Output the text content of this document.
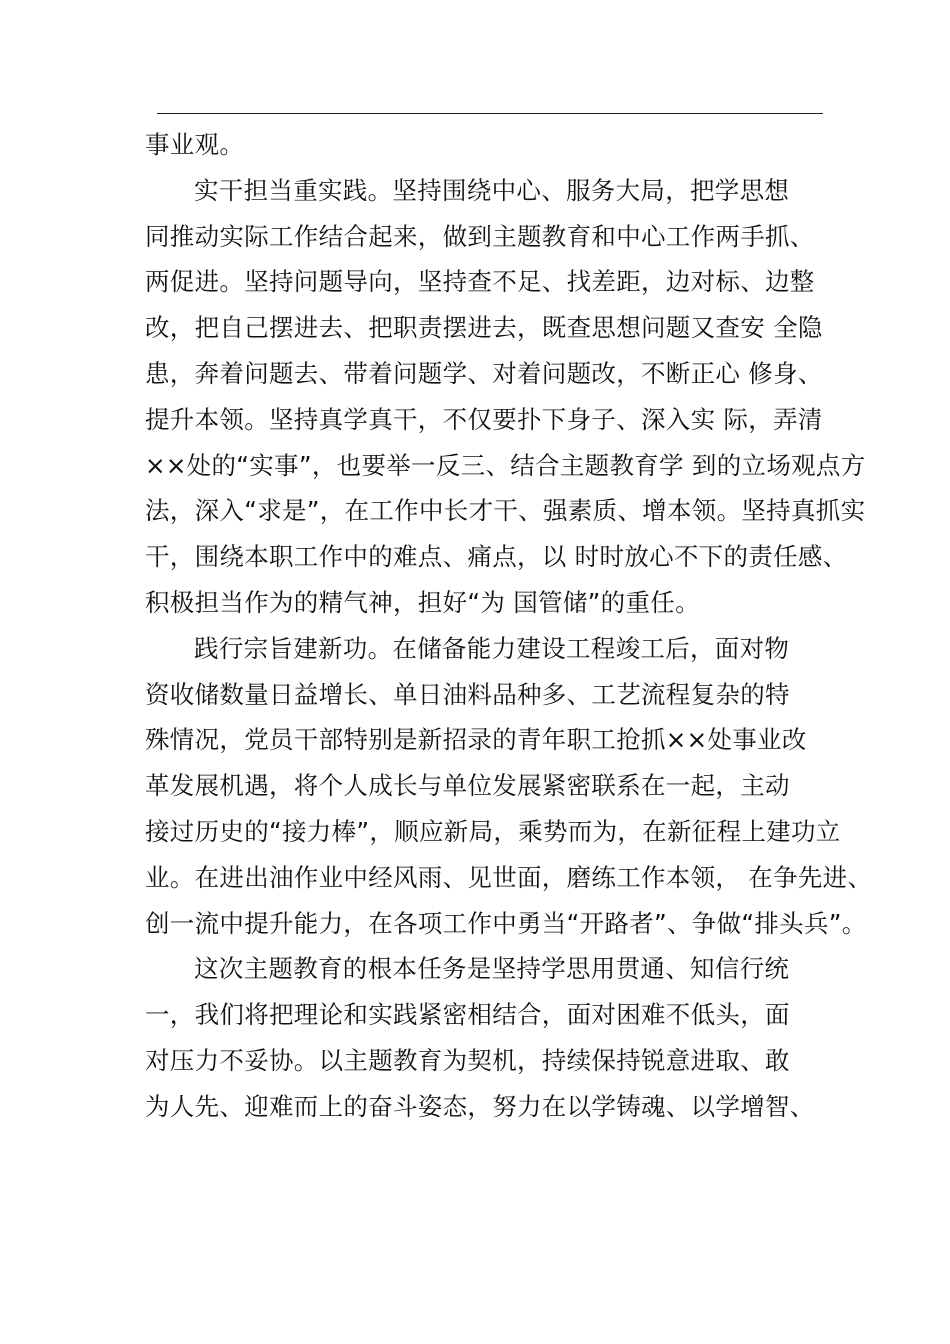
事业观。
实干担当重实践。坚持围绕中心、服务大局，把学思想
同推动实际工作结合起来，做到主题教育和中心工作两手抓、
两促进。坚持问题导向，坚持查不足、找差距，边对标、边整
改，把自己摆进去、把职责摆进去，既查思想问题又查安 全隐
患，奔着问题去、带着问题学、对着问题改，不断正心 修身、
提升本领。坚持真学真干，不仅要扑下身子、深入实 际，弄清
××处的“实事”，也要举一反三、结合主题教育学 到的立场观点方
法，深入“求是”，在工作中长才干、强素质、增本领。坚持真抓实
干，围绕本职工作中的难点、痛点，以 时时放心不下的责任感、
积极担当作为的精气神，担好“为 国管储”的重任。
践行宗旨建新功。在储备能力建设工程竣工后，面对物
资收储数量日益增长、单日油料品种多、工艺流程复杂的特
殊情况，党员干部特别是新招录的青年职工抢抓××处事业改
革发展机遇，将个人成长与单位发展紧密联系在一起，主动
接过历史的“接力棒”，顺应新局，乘势而为，在新征程上建功立
业。在进出油作业中经风雨、见世面，磨练工作本领， 在争先进、
创一流中提升能力，在各项工作中勇当“开路者”、争做“排头兵”。
这次主题教育的根本任务是坚持学思用贯通、知信行统
一，我们将把理论和实践紧密相结合，面对困难不低头，面
对压力不妥协。以主题教育为契机，持续保持锐意进取、敢
为人先、迎难而上的奋斗姿态，努力在以学铸魂、以学增智、
